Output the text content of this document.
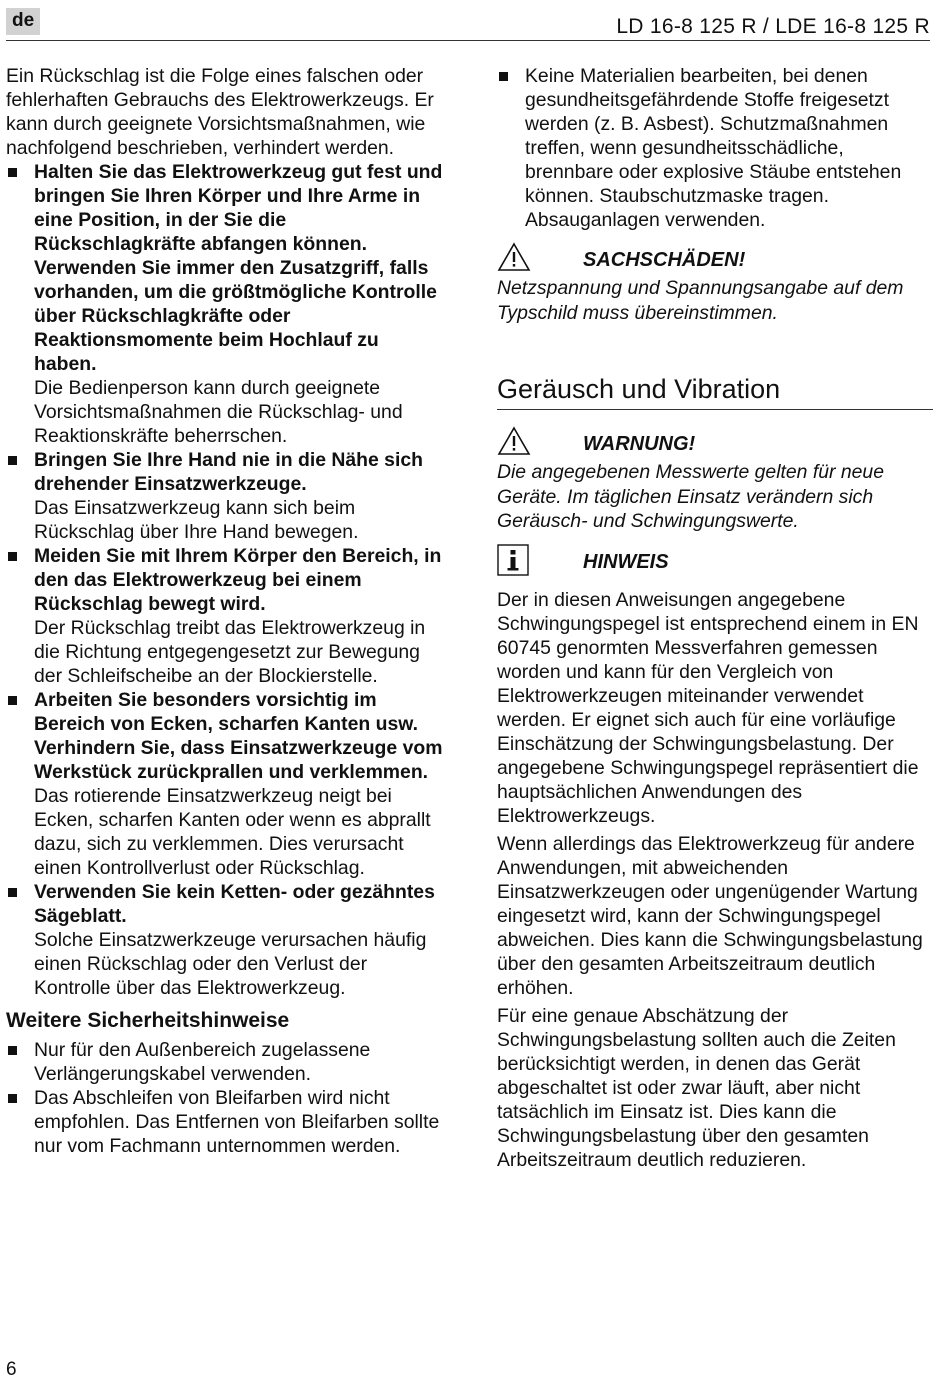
de	LD 16-8 125 R / LDE 16-8 125 R

Ein Rückschlag ist die Folge eines falschen oder fehlerhaften Gebrauchs des Elektrowerkzeugs. Er kann durch geeignete Vorsichtsmaßnahmen, wie nachfolgend beschrieben, verhindert werden.

Halten Sie das Elektrowerkzeug gut fest und bringen Sie Ihren Körper und Ihre Arme in eine Position, in der Sie die Rückschlagkräfte abfangen können. Verwenden Sie immer den Zusatzgriff, falls vorhanden, um die größtmögliche Kontrolle über Rückschlagkräfte oder Reaktionsmomente beim Hochlauf zu haben.
Die Bedienperson kann durch geeignete Vorsichtsmaßnahmen die Rückschlag- und Reaktionskräfte beherrschen.
Bringen Sie Ihre Hand nie in die Nähe sich drehender Einsatzwerkzeuge.
Das Einsatzwerkzeug kann sich beim Rückschlag über Ihre Hand bewegen.
Meiden Sie mit Ihrem Körper den Bereich, in den das Elektrowerkzeug bei einem Rückschlag bewegt wird.
Der Rückschlag treibt das Elektrowerkzeug in die Richtung entgegengesetzt zur Bewegung der Schleifscheibe an der Blockierstelle.
Arbeiten Sie besonders vorsichtig im Bereich von Ecken, scharfen Kanten usw. Verhindern Sie, dass Einsatzwerkzeuge vom Werkstück zurückprallen und verklemmen.
Das rotierende Einsatzwerkzeug neigt bei Ecken, scharfen Kanten oder wenn es abprallt dazu, sich zu verklemmen. Dies verursacht einen Kontrollverlust oder Rückschlag.
Verwenden Sie kein Ketten- oder gezähntes Sägeblatt.
Solche Einsatzwerkzeuge verursachen häufig einen Rückschlag oder den Verlust der Kontrolle über das Elektrowerkzeug.
Weitere Sicherheitshinweise
Nur für den Außenbereich zugelassene Verlängerungskabel verwenden.
Das Abschleifen von Bleifarben wird nicht empfohlen. Das Entfernen von Bleifarben sollte nur vom Fachmann unternommen werden.
Keine Materialien bearbeiten, bei denen gesundheitsgefährdende Stoffe freigesetzt werden (z. B. Asbest). Schutzmaßnahmen treffen, wenn gesundheitsschädliche, brennbare oder explosive Stäube entstehen können. Staubschutzmaske tragen. Absauganlagen verwenden.
SACHSCHÄDEN!

Netzspannung und Spannungsangabe auf dem Typschild muss übereinstimmen.

Geräusch und Vibration
WARNUNG!

Die angegebenen Messwerte gelten für neue Geräte. Im täglichen Einsatz verändern sich Geräusch- und Schwingungswerte.

HINWEIS

Der in diesen Anweisungen angegebene Schwingungspegel ist entsprechend einem in EN 60745 genormten Messverfahren gemessen worden und kann für den Vergleich von Elektrowerkzeugen miteinander verwendet werden. Er eignet sich auch für eine vorläufige Einschätzung der Schwingungsbelastung. Der angegebene Schwingungspegel repräsentiert die hauptsächlichen Anwendungen des Elektrowerkzeugs.

Wenn allerdings das Elektrowerkzeug für andere Anwendungen, mit abweichenden Einsatzwerkzeugen oder ungenügender Wartung eingesetzt wird, kann der Schwingungspegel abweichen. Dies kann die Schwingungsbelastung über den gesamten Arbeitszeitraum deutlich erhöhen.

Für eine genaue Abschätzung der Schwingungsbelastung sollten auch die Zeiten berücksichtigt werden, in denen das Gerät abgeschaltet ist oder zwar läuft, aber nicht tatsächlich im Einsatz ist. Dies kann die Schwingungsbelastung über den gesamten Arbeitszeitraum deutlich reduzieren.

6
